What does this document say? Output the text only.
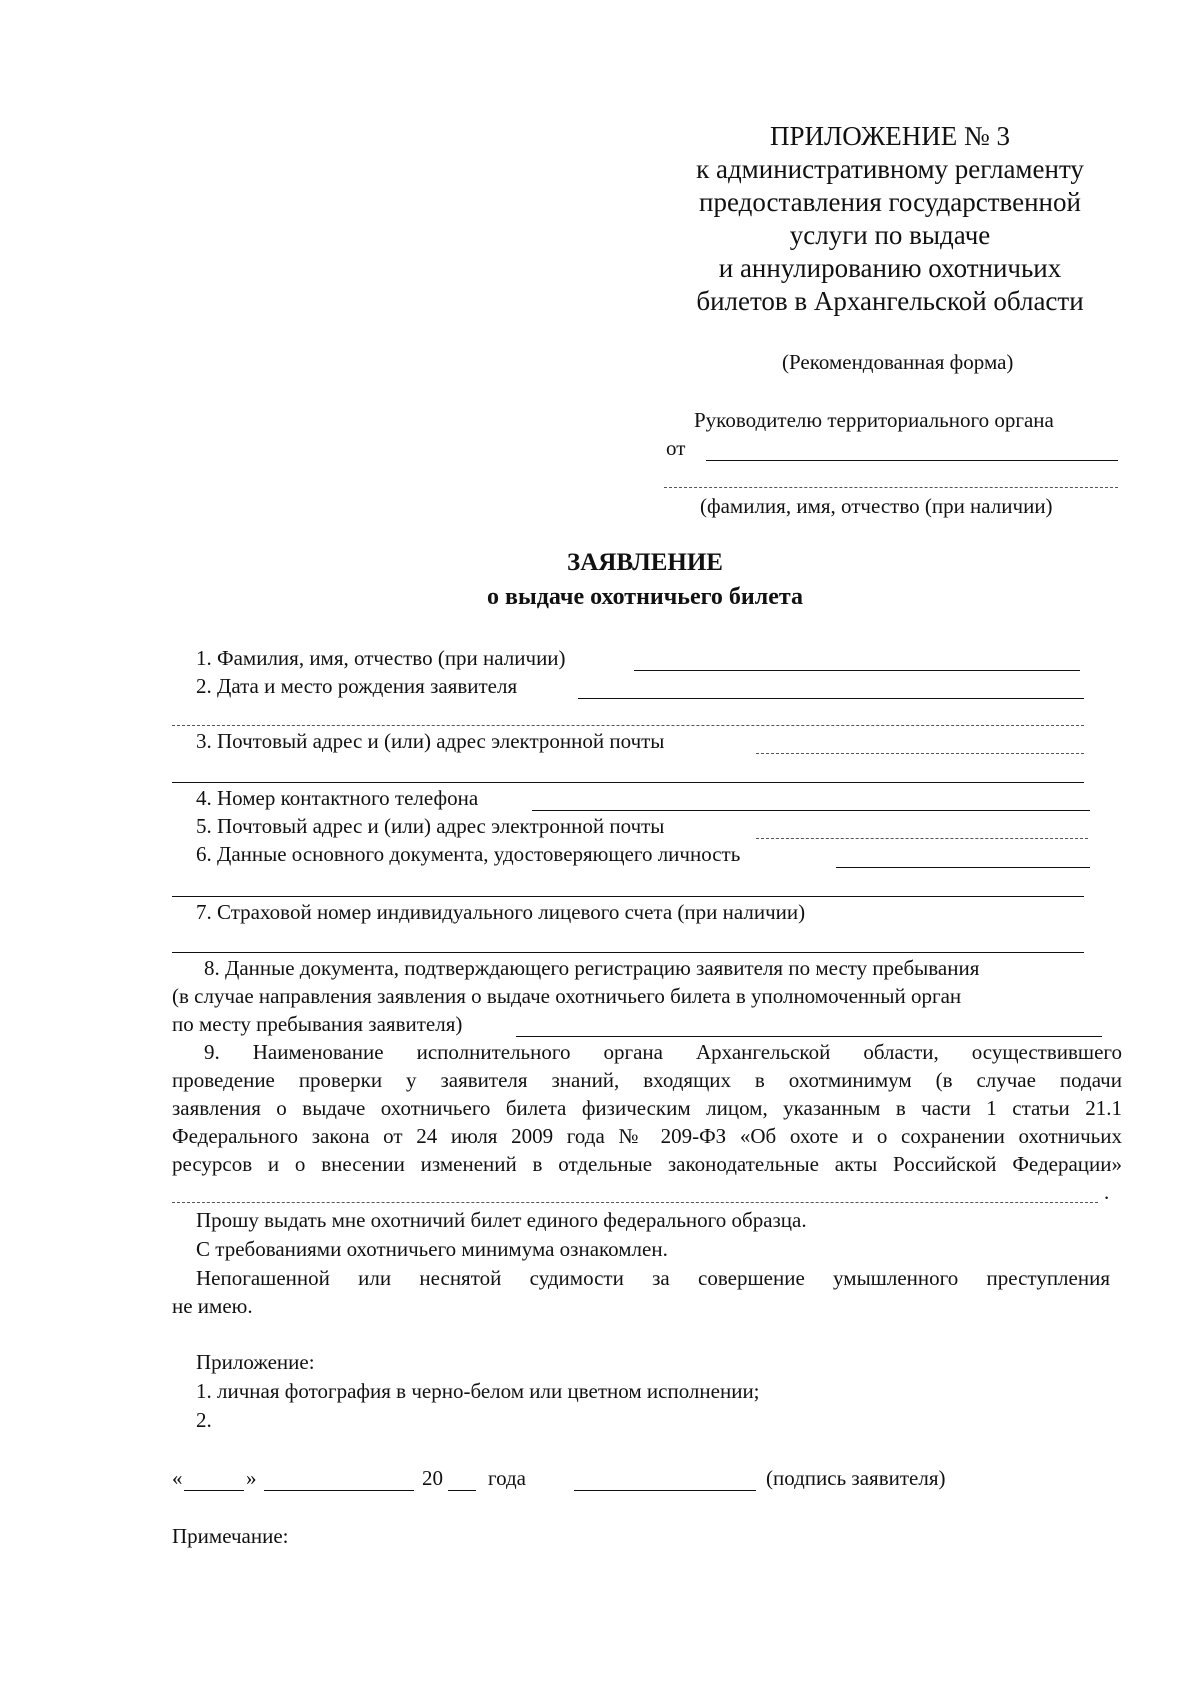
ПРИЛОЖЕНИЕ № 3
к административному регламенту
предоставления государственной
услуги по выдаче
и аннулированию охотничьих
билетов в Архангельской области
(Рекомендованная форма)
Руководителю территориального органа
от
(фамилия, имя, отчество (при наличии)
ЗАЯВЛЕНИЕ
о выдаче охотничьего билета
1. Фамилия, имя, отчество (при наличии)
2. Дата и место рождения заявителя
3. Почтовый адрес и (или) адрес электронной почты
4. Номер контактного телефона
5. Почтовый адрес и (или) адрес электронной почты
6. Данные основного документа, удостоверяющего личность
7. Страховой номер индивидуального лицевого счета (при наличии)
8. Данные документа, подтверждающего регистрацию заявителя по месту пребывания
(в случае направления заявления о выдаче охотничьего билета в уполномоченный орган
по месту пребывания заявителя)
9. Наименование исполнительного органа Архангельской области, осуществившего
проведение проверки у заявителя знаний, входящих в охотминимум (в случае подачи
заявления о выдаче охотничьего билета физическим лицом, указанным в части 1 статьи 21.1
Федерального закона от 24 июля 2009 года № 209-ФЗ «Об охоте и о сохранении охотничьих
ресурсов и о внесении изменений в отдельные законодательные акты Российской Федерации»
.
Прошу выдать мне охотничий билет единого федерального образца.
С требованиями охотничьего минимума ознакомлен.
Непогашенной или неснятой судимости за совершение умышленного преступления
не имею.
Приложение:
1. личная фотография в черно-белом или цветном исполнении;
2.
«	»	20 года	(подпись заявителя)
Примечание:
